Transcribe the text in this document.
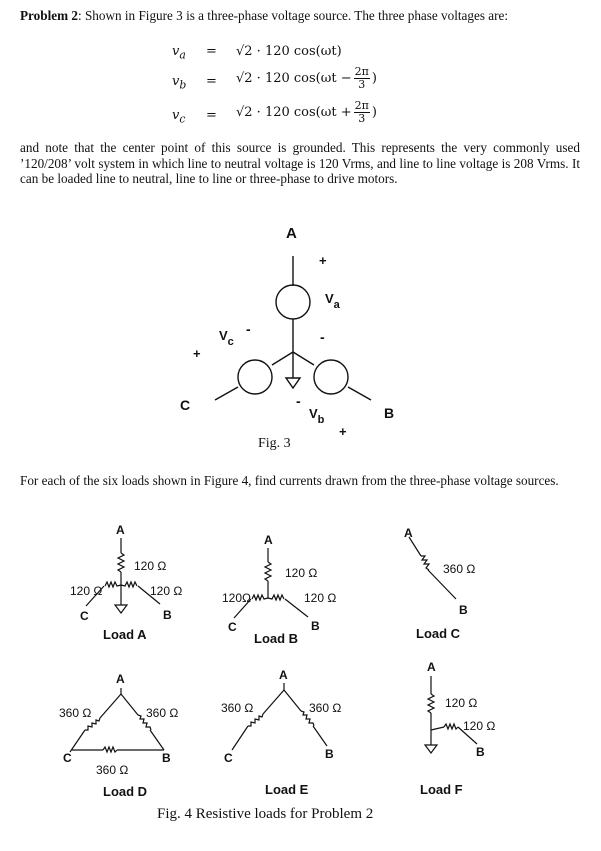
Problem 2: Shown in Figure 3 is a three-phase voltage source. The three phase voltages are:
$v_a = √2 \cdot 120$ cos(ωt)
$v_b = √2 \cdot 120$ $\cos(\omega t - \frac{2\pi}{3}$ )
$v_c = √2 \cdot 120$ $\cos(\omega t + \frac{2\pi}{3}$ )
and note that the center point of this source is grounded. This represents the very commonly used ’120/208’ volt system in which line to neutral voltage is 120 Vrms, and line to line voltage is 208 Vrms. It can be loaded line to neutral, line to line or three-phase to drive motors.
A
B
C
+
-
$V_a$
+
-
$V_c$
-
$V_b$
+
Fig. 3
For each of the six loads shown in Figure 4, find currents drawn from the three-phase voltage sources.
A
120 Ω
120 Ω	120 Ω
C	B
Load A
A
120 Ω
120Ω	120 Ω
C	B
Load B
A
360 Ω
B
Load C
A
360 Ω	360 Ω
C	B
360 Ω
Load D
A
360 Ω	360 Ω
C	B
Load E
A
120 Ω
120 Ω
B
Load F
Fig. 4 Resistive loads for Problem 2
